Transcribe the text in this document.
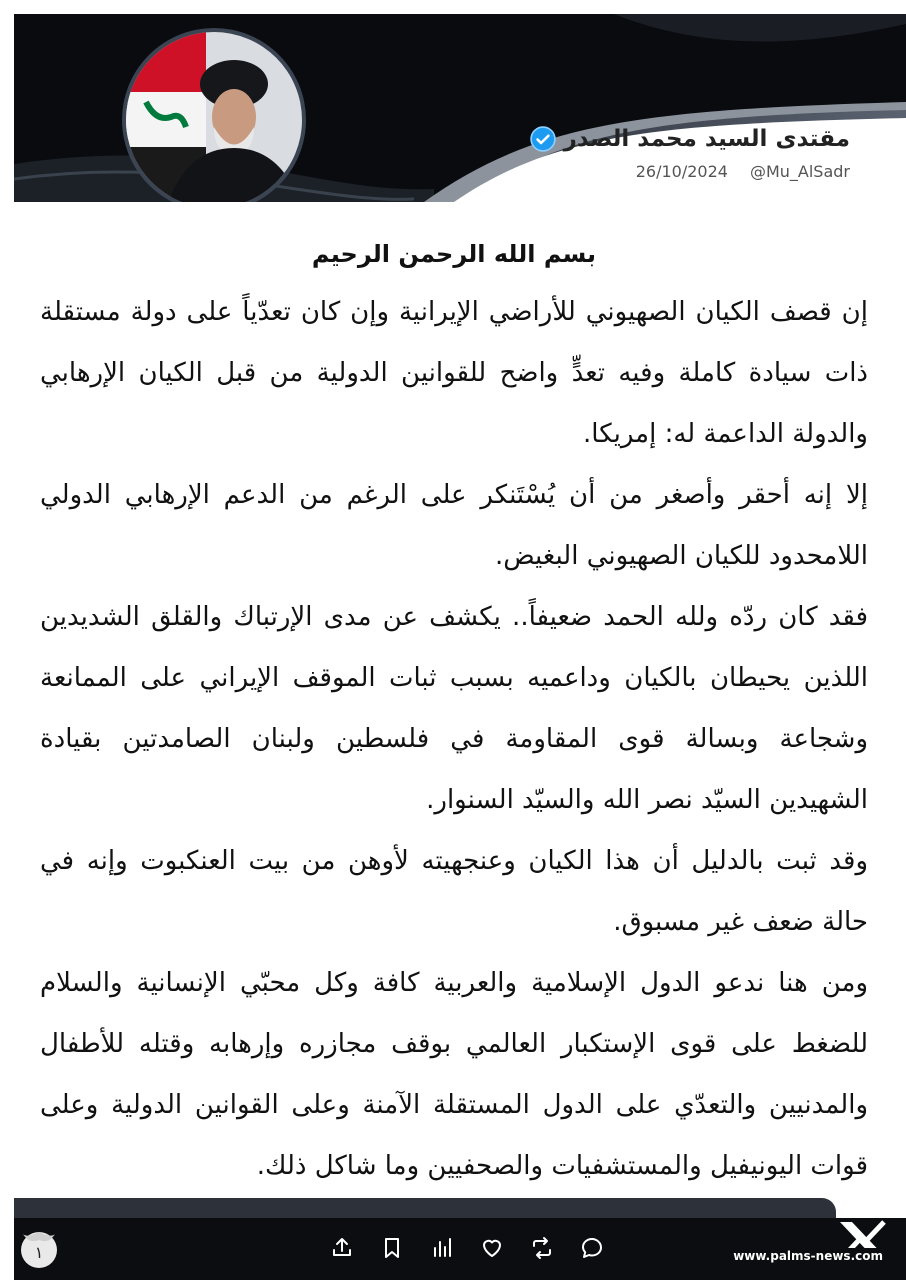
مقتدى السيد محمد الصدر
26/10/2024 @Mu_AlSadr
بسم الله الرحمن الرحيم

إن قصف الكيان الصهيوني للأراضي الإيرانية وإن كان تعدّياً على دولة مستقلة ذات سيادة كاملة وفيه تعدٍّ واضح للقوانين الدولية من قبل الكيان الإرهابي والدولة الداعمة له: إمريكا.

إلا إنه أحقر وأصغر من أن يُسْتَنكر على الرغم من الدعم الإرهابي الدولي اللامحدود للكيان الصهيوني البغيض.

فقد كان ردّه ولله الحمد ضعيفاً.. يكشف عن مدى الإرتباك والقلق الشديدين اللذين يحيطان بالكيان وداعميه بسبب ثبات الموقف الإيراني على الممانعة وشجاعة وبسالة قوى المقاومة في فلسطين ولبنان الصامدتين بقيادة الشهيدين السيّد نصر الله والسيّد السنوار.

وقد ثبت بالدليل أن هذا الكيان وعنجهيته لأوهن من بيت العنكبوت وإنه في حالة ضعف غير مسبوق.

ومن هنا ندعو الدول الإسلامية والعربية كافة وكل محبّي الإنسانية والسلام للضغط على قوى الإستكبار العالمي بوقف مجازره وإرهابه وقتله للأطفال والمدنيين والتعدّي على الدول المستقلة الآمنة وعلى القوانين الدولية وعلى قوات اليونيفيل والمستشفيات والصحفيين وما شاكل ذلك.

١	www.palms-news.com
